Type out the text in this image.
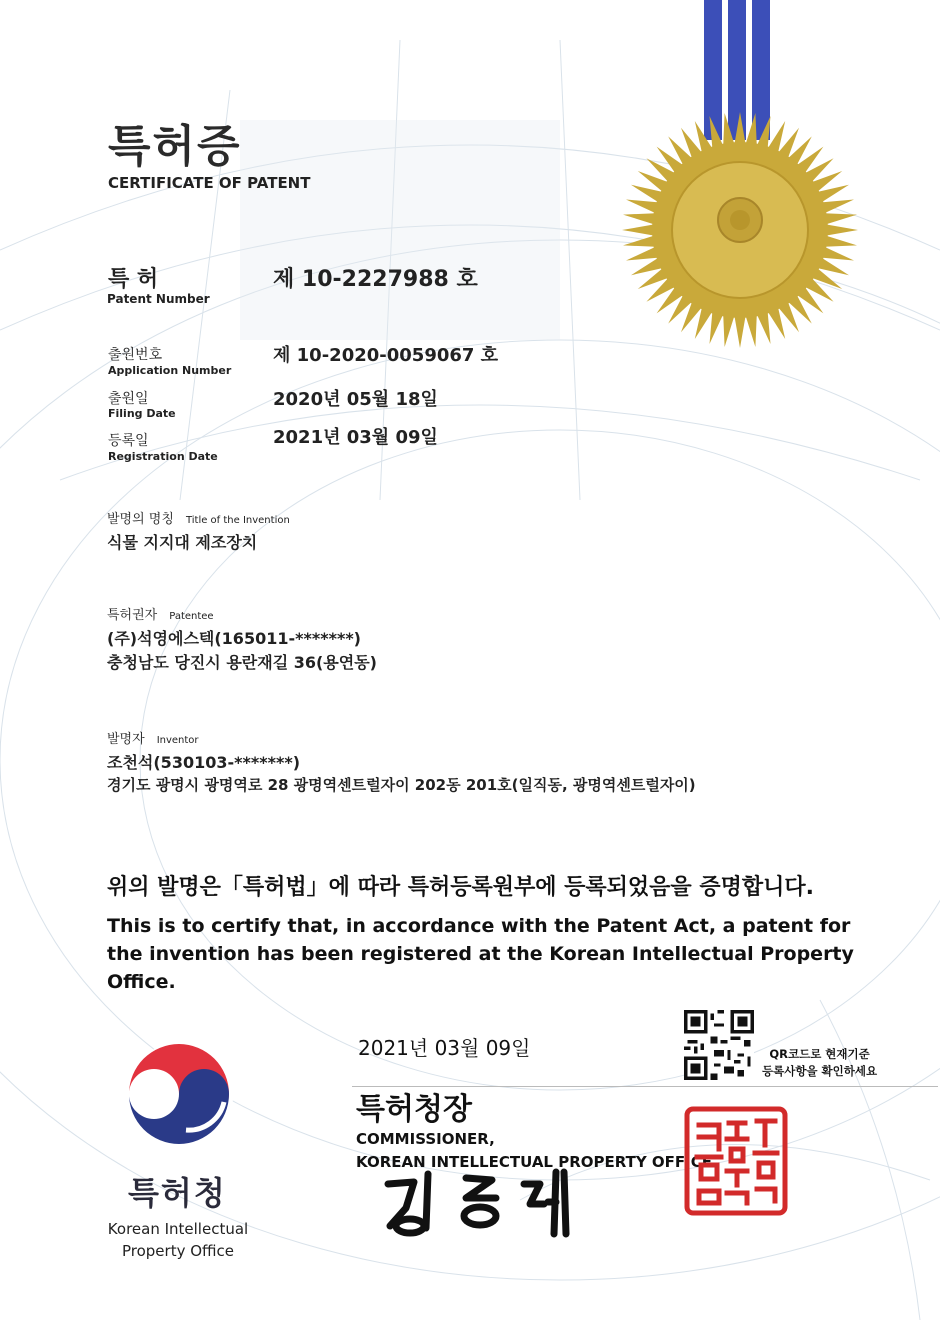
특허증
CERTIFICATE OF PATENT
특 허
Patent Number
제 10-2227988 호
출원번호
Application Number
제 10-2020-0059067 호
출원일
Filing Date
2020년 05월 18일
등록일
Registration Date
2021년 03월 09일
발명의 명칭 Title of the Invention
식물 지지대 제조장치
특허권자 Patentee
(주)석영에스텍(165011-*******)
충청남도 당진시 용란재길 36(용연동)
발명자 Inventor
조천석(530103-*******)
경기도 광명시 광명역로 28 광명역센트럴자이 202동 201호(일직동, 광명역센트럴자이)
위의 발명은「특허법」에 따라 특허등록원부에 등록되었음을 증명합니다.
This is to certify that, in accordance with the Patent Act, a patent for the invention has been registered at the Korean Intellectual Property Office.
QR코드로 현재기준
등록사항을 확인하세요
2021년 03월 09일
특허청장
COMMISSIONER,
KOREAN INTELLECTUAL PROPERTY OFFICE
특허청
Korean Intellectual
Property Office
